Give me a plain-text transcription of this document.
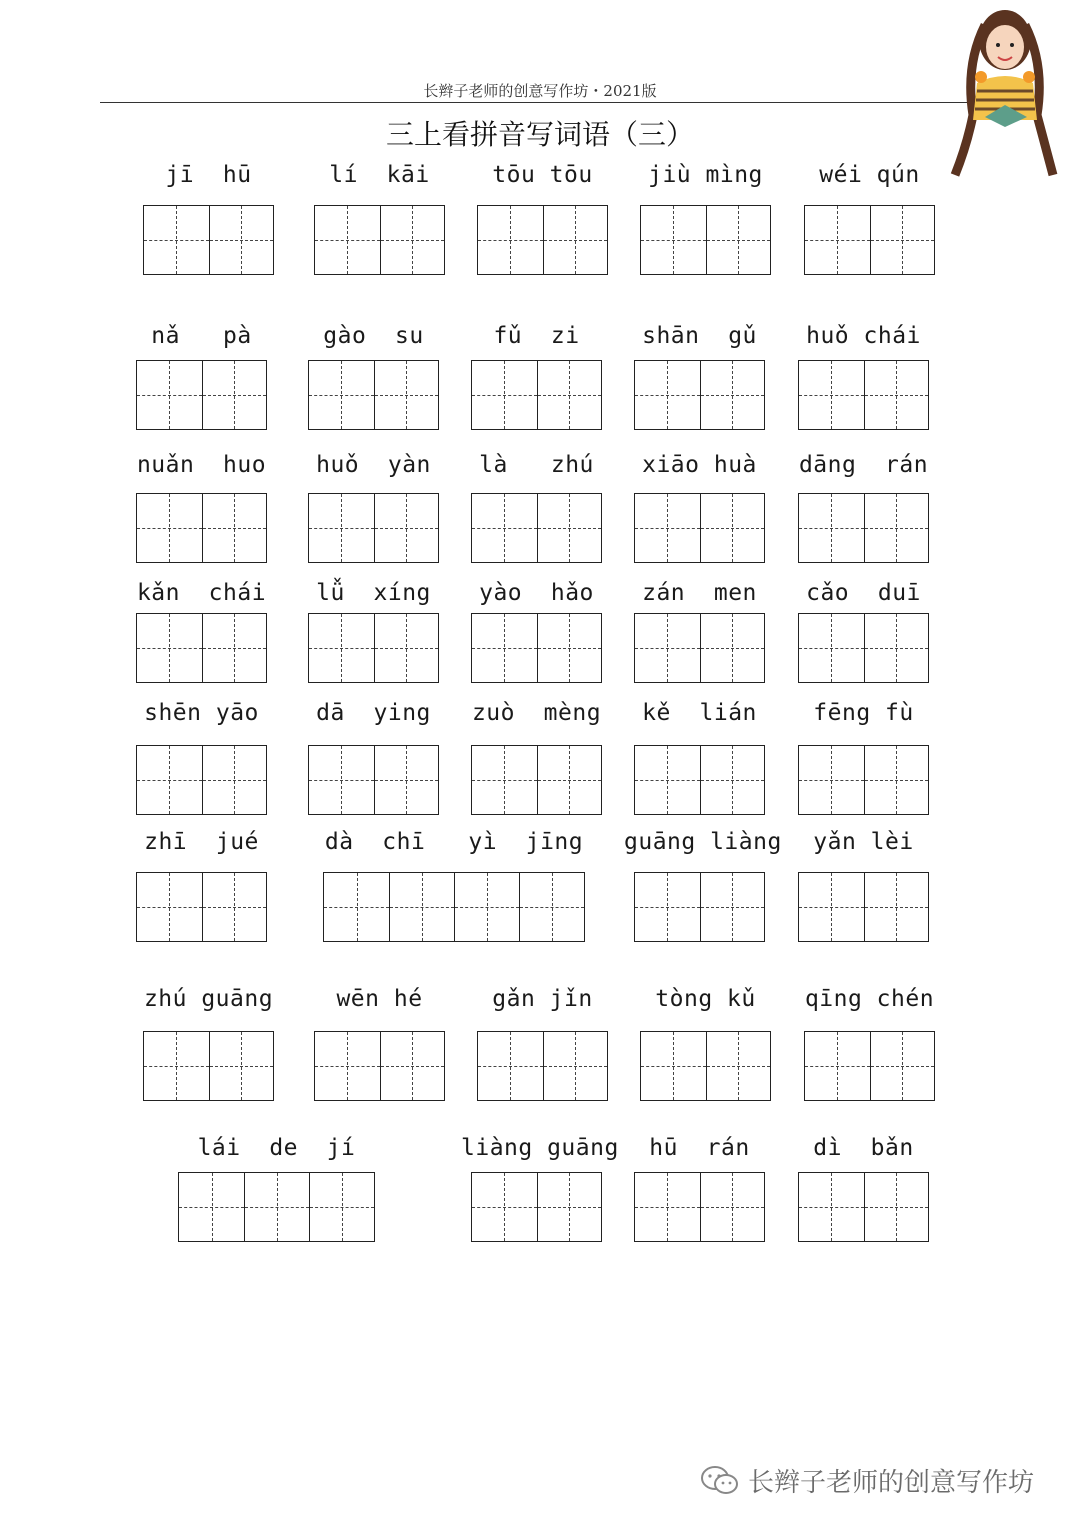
长辫子老师的创意写作坊・2021版
三上看拼音写词语（三）
jī  hū	lí  kāi	tōu tōu	jiù mìng	wéi qún
nǎ   pà	gào  su	fǔ  zi	shān  gǔ	huǒ chái
nuǎn  huo	huǒ  yàn	là   zhú	xiāo huà	dāng  rán
kǎn  chái	lǚ  xíng	yào  hǎo	zán  men	cǎo  duī
shēn yāo	dā  ying	zuò  mèng	kě  lián	fēng fù
zhī  jué	dà  chī   yì  jīng	guāng liàng	yǎn lèi
zhú guāng	wēn hé	gǎn jǐn	tòng kǔ	qīng chén
lái  de  jí	liàng guāng	hū  rán	dì  bǎn
长辫子老师的创意写作坊
